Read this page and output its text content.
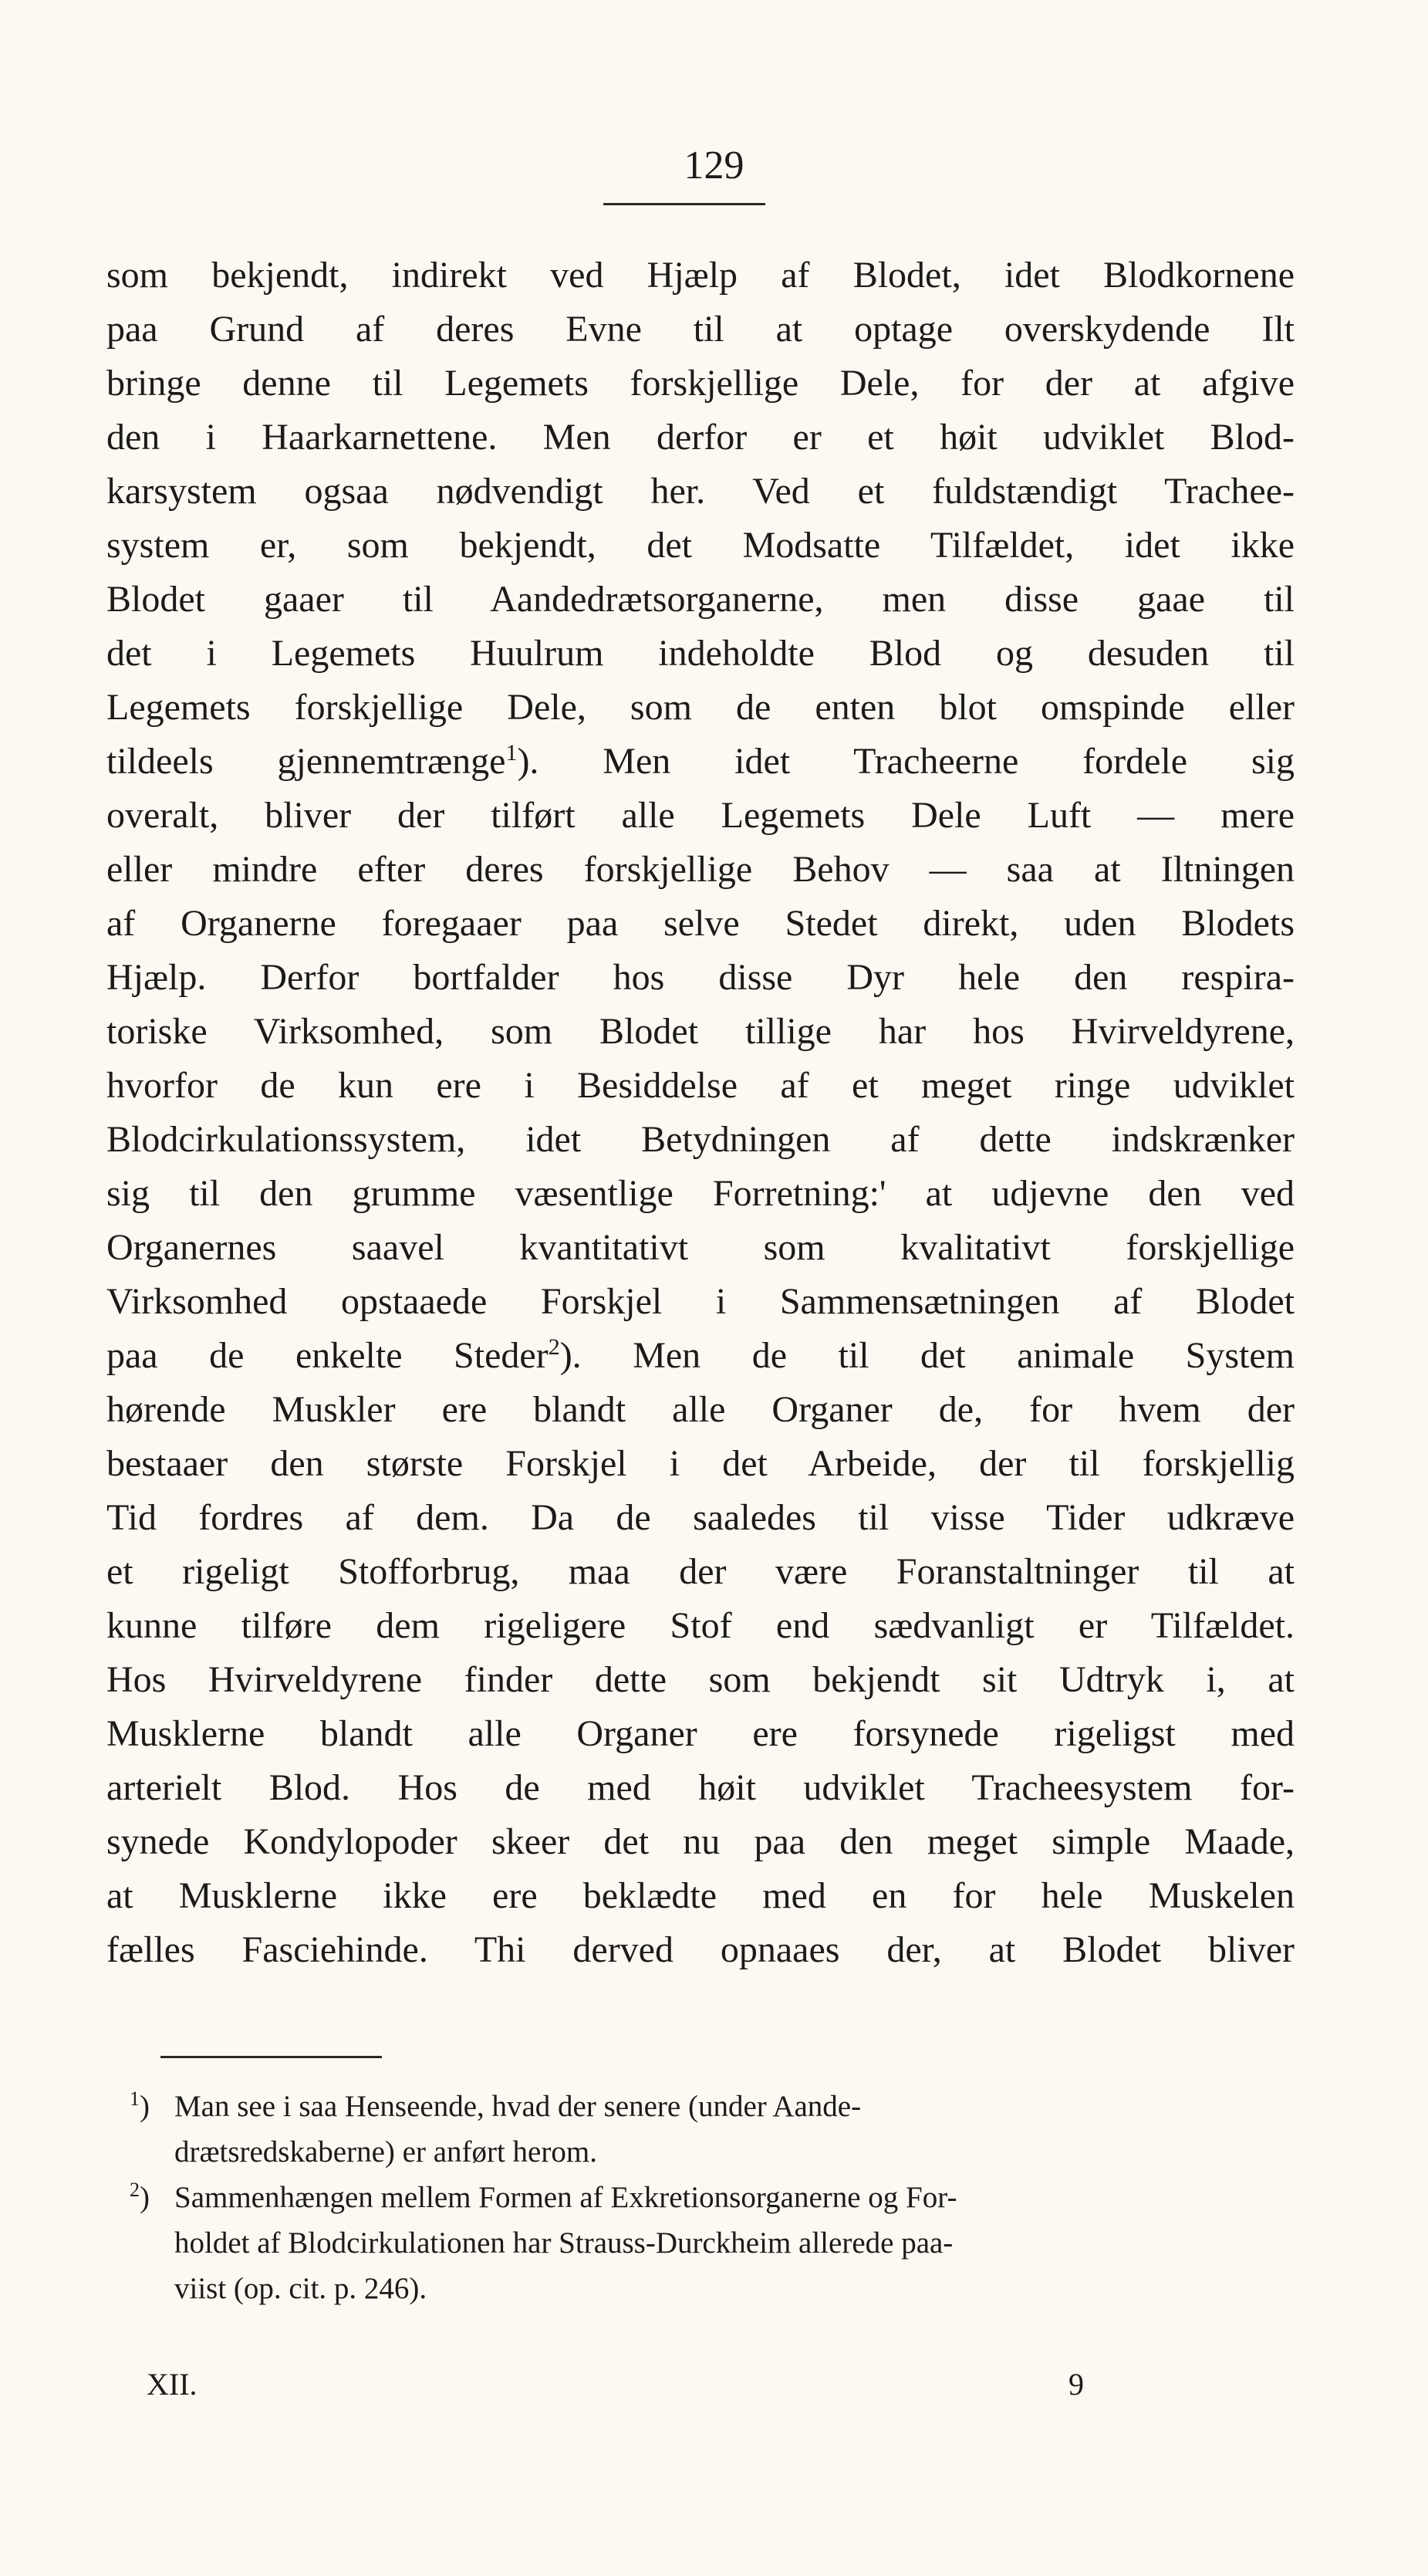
129
som bekjendt, indirekt ved Hjælp af Blodet, idet Blodkornene
paa Grund af deres Evne til at optage overskydende Ilt
bringe denne til Legemets forskjellige Dele, for der at afgive
den i Haarkarnettene. Men derfor er et høit udviklet Blod-
karsystem ogsaa nødvendigt her. Ved et fuldstændigt Trachee-
system er, som bekjendt, det Modsatte Tilfældet, idet ikke
Blodet gaaer til Aandedrætsorganerne, men disse gaae til
det i Legemets Huulrum indeholdte Blod og desuden til
Legemets forskjellige Dele, som de enten blot omspinde eller
tildeels gjennemtrænge$^1$). Men idet Tracheerne fordele sig
overalt, bliver der tilført alle Legemets Dele Luft — mere
eller mindre efter deres forskjellige Behov — saa at Iltningen
af Organerne foregaaer paa selve Stedet direkt, uden Blodets
Hjælp. Derfor bortfalder hos disse Dyr hele den respira-
toriske Virksomhed, som Blodet tillige har hos Hvirveldyrene,
hvorfor de kun ere i Besiddelse af et meget ringe udviklet
Blodcirkulationssystem, idet Betydningen af dette indskrænker
sig til den grumme væsentlige Forretning:' at udjevne den ved
Organernes saavel kvantitativt som kvalitativt forskjellige
Virksomhed opstaaede Forskjel i Sammensætningen af Blodet
paa de enkelte Steder$^2$). Men de til det animale System
hørende Muskler ere blandt alle Organer de, for hvem der
bestaaer den største Forskjel i det Arbeide, der til forskjellig
Tid fordres af dem. Da de saaledes til visse Tider udkræve
et rigeligt Stofforbrug, maa der være Foranstaltninger til at
kunne tilføre dem rigeligere Stof end sædvanligt er Tilfældet.
Hos Hvirveldyrene finder dette som bekjendt sit Udtryk i, at
Musklerne blandt alle Organer ere forsynede rigeligst med
arterielt Blod. Hos de med høit udviklet Tracheesystem for-
synede Kondylopoder skeer det nu paa den meget simple Maade,
at Musklerne ikke ere beklædte med en for hele Muskelen
fælles Fasciehinde. Thi derved opnaaes der, at Blodet bliver
$^1$) Man see i saa Henseende, hvad der senere (under Aande-
drætsredskaberne) er anført herom.
$^2$) Sammenhængen mellem Formen af Exkretionsorganerne og For-
holdet af Blodcirkulationen har Strauss-Durckheim allerede paa-
viist (op. cit. p. 246).
XII.	9
